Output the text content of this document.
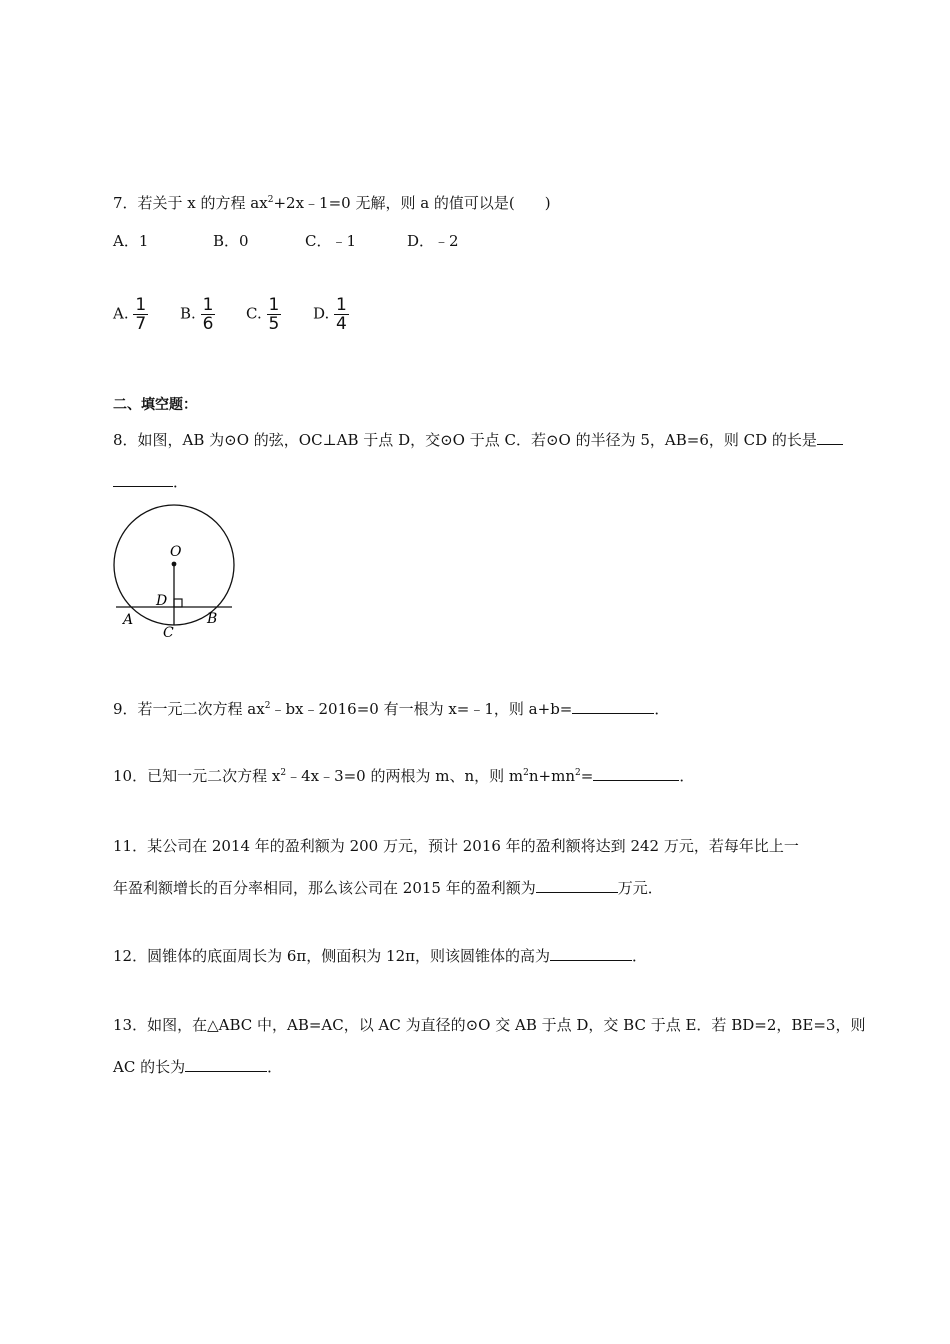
7．若关于 x 的方程 $ax^2+2x﹣1=0$ 无解，则 a 的值可以是(　　)
A．1	B．0	C．﹣1	D．﹣2
A. $\frac{1}{7} B$. $\frac{1}{6} C$. $\frac{1}{5} D$. $\frac{1}{4}$
二、填空题：
8．如图，AB 为⊙O 的弦，OC⊥AB 于点 D，交⊙O 于点 C．若⊙O 的半径为 5，AB=6，则 CD 的长是
．
O
D
A	B
C
9．若一元二次方程 $ax^2﹣bx﹣2016=0$ 有一根为 x=﹣1，则 a+b=	．
10．已知一元二次方程 $x^2﹣4x﹣3=0$ 的两根为 m、n，则 $m^2n+mn^2=$	．
11．某公司在 2014 年的盈利额为 200 万元，预计 2016 年的盈利额将达到 242 万元，若每年比上一
年盈利额增长的百分率相同，那么该公司在 2015 年的盈利额为	万元．
12．圆锥体的底面周长为 6π，侧面积为 12π，则该圆锥体的高为	．
13．如图，在△ABC 中，AB=AC，以 AC 为直径的⊙O 交 AB 于点 D，交 BC 于点 E．若 BD=2，BE=3，则
AC 的长为	．
